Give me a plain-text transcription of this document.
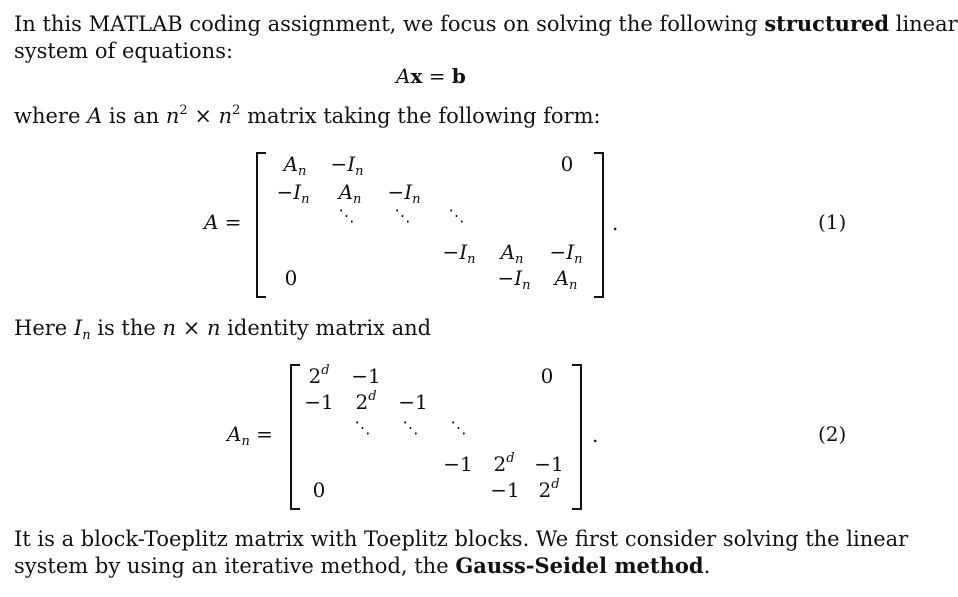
In this MATLAB coding assignment, we focus on solving the following structured linear
system of equations:
Ax = b
where A is an $n^2 \times n^2$ matrix taking the following form:
A =
$A_n -I_n$	0
$-I_n$ $A_n -I_n$
⋱ ⋱ ⋱
$-I_n$ $A_n -I_n$
0	$-I_n$ $A_n$
.	(1)
Here $I_n$ is the n × n identity matrix and
$A_n$ =
$2^d -1$	0
−1 $2^d -1$
⋱ ⋱ ⋱
−1 $2^d -1$
0	−1 2$^d$
.	(2)
It is a block-Toeplitz matrix with Toeplitz blocks. We first consider solving the linear
system by using an iterative method, the Gauss-Seidel method.
